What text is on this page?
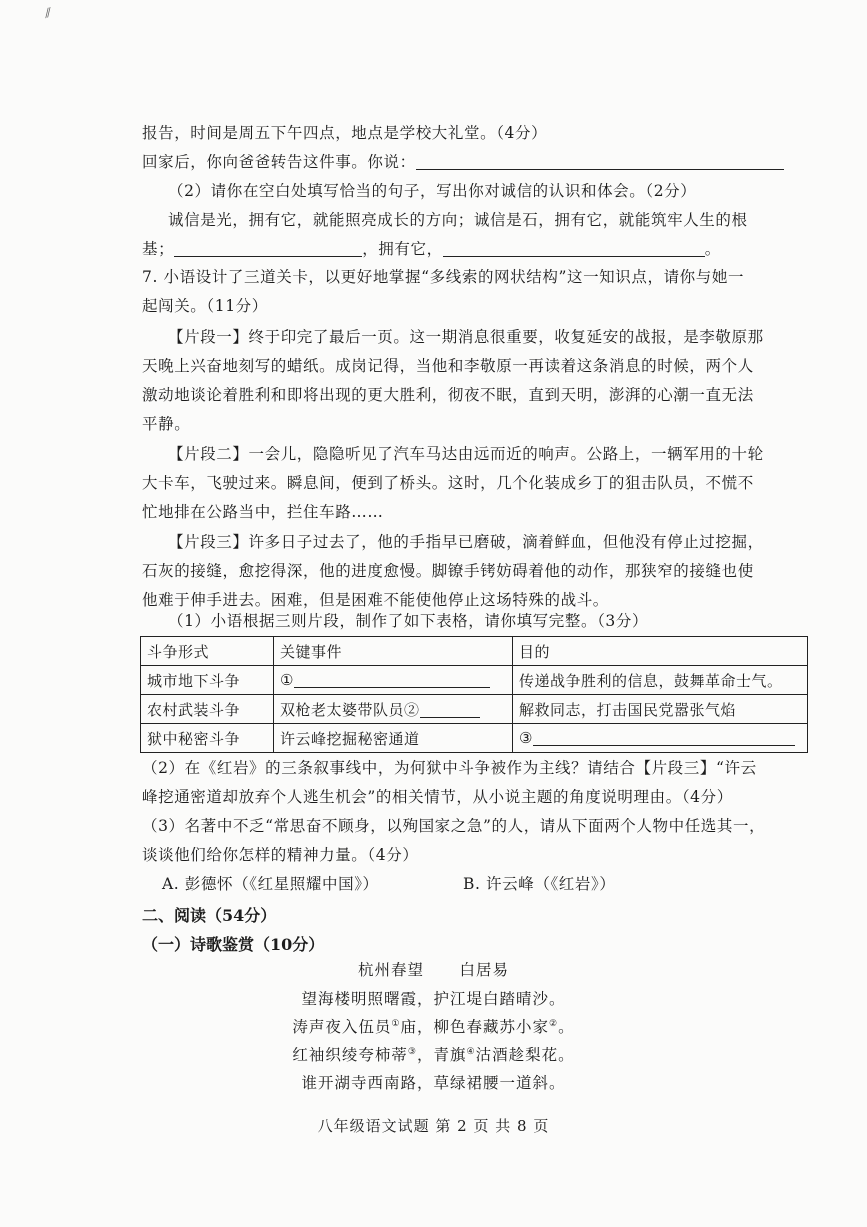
⁄⁄
报告，时间是周五下午四点，地点是学校大礼堂。（4分）
回家后，你向爸爸转告这件事。你说：
（2）请你在空白处填写恰当的句子，写出你对诚信的认识和体会。（2分）
诚信是光，拥有它，就能照亮成长的方向；诚信是石，拥有它，就能筑牢人生的根
基；	，拥有它，	。
7. 小语设计了三道关卡，以更好地掌握“多线索的网状结构”这一知识点，请你与她一
起闯关。（11分）
【片段一】终于印完了最后一页。这一期消息很重要，收复延安的战报，是李敬原那
天晚上兴奋地刻写的蜡纸。成岗记得，当他和李敬原一再读着这条消息的时候，两个人
激动地谈论着胜利和即将出现的更大胜利，彻夜不眠，直到天明，澎湃的心潮一直无法
平静。
【片段二】一会儿，隐隐听见了汽车马达由远而近的响声。公路上，一辆军用的十轮
大卡车，飞驶过来。瞬息间，便到了桥头。这时，几个化装成乡丁的狙击队员，不慌不
忙地排在公路当中，拦住车路……
【片段三】许多日子过去了，他的手指早已磨破，滴着鲜血，但他没有停止过挖掘，
石灰的接缝，愈挖得深，他的进度愈慢。脚镣手铐妨碍着他的动作，那狭窄的接缝也使
他难于伸手进去。困难，但是困难不能使他停止这场特殊的战斗。
（1）小语根据三则片段，制作了如下表格，请你填写完整。（3分）
斗争形式	关键事件	目的
城市地下斗争	①	传递战争胜利的信息，鼓舞革命士气。
农村武装斗争	双枪老太婆带队员②	解救同志，打击国民党嚣张气焰
狱中秘密斗争	许云峰挖掘秘密通道	③
（2）在《红岩》的三条叙事线中，为何狱中斗争被作为主线？请结合【片段三】“许云
峰挖通密道却放弃个人逃生机会”的相关情节，从小说主题的角度说明理由。（4分）
（3）名著中不乏“常思奋不顾身，以殉国家之急”的人，请从下面两个人物中任选其一，
谈谈他们给你怎样的精神力量。（4分）
A. 彭德怀（《红星照耀中国》）	B. 许云峰（《红岩》）
二、阅读（54分）
（一）诗歌鉴赏（10分）
杭州春望 白居易
望海楼明照曙霞，护江堤白踏晴沙。
涛声夜入伍员①庙，柳色春藏苏小家②。
红袖织绫夸柿蒂③，青旗④沽酒趁梨花。
谁开湖寺西南路，草绿裙腰一道斜。
八年级语文试题 第 2 页 共 8 页
